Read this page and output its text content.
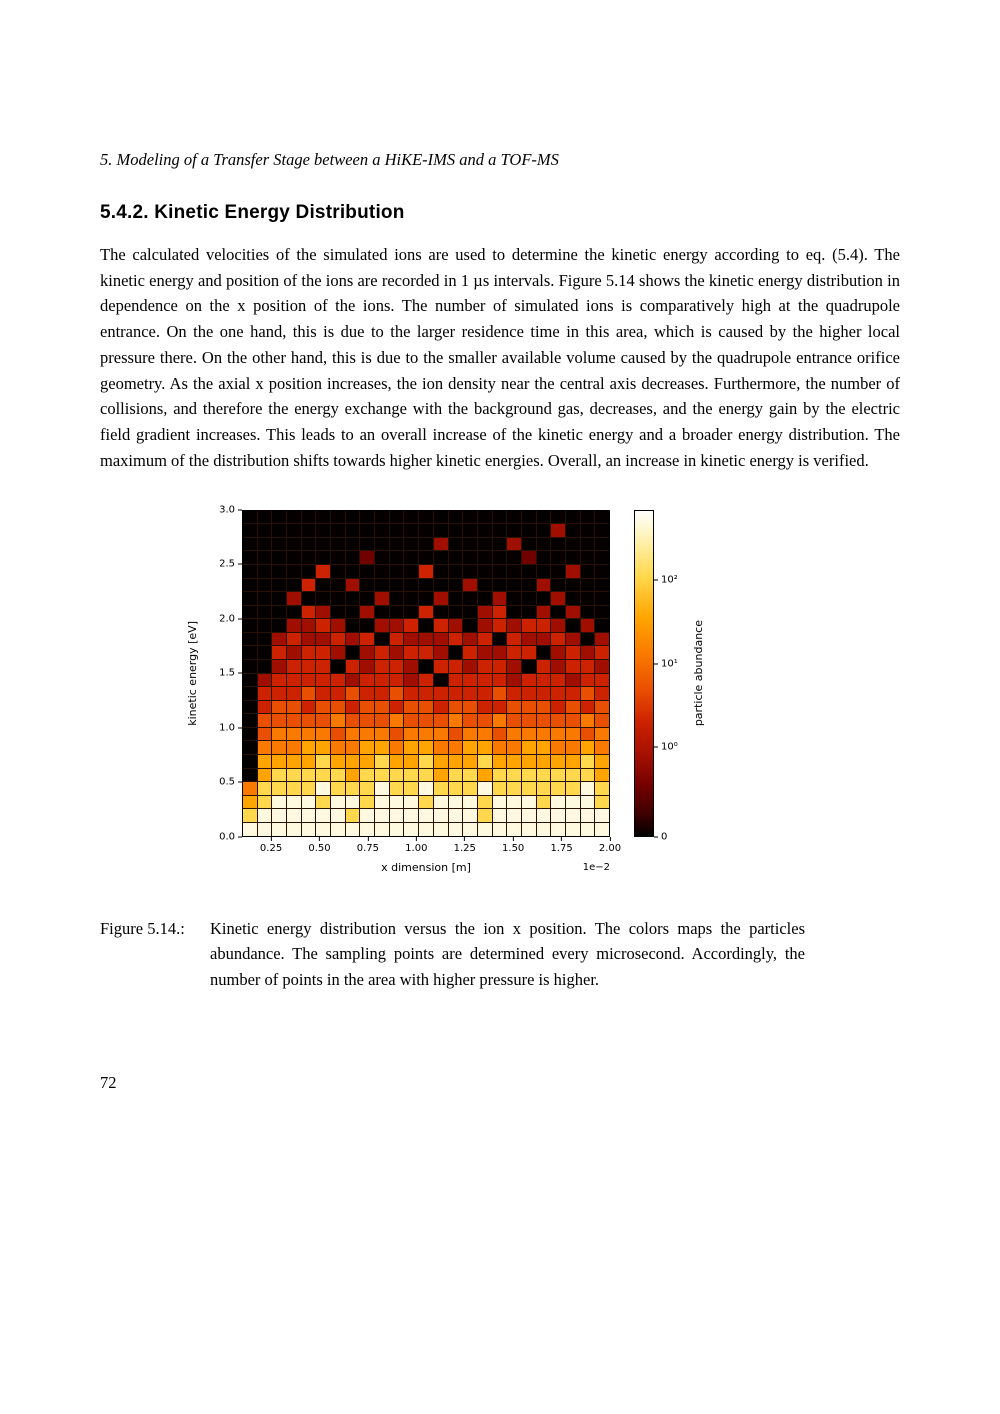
5. Modeling of a Transfer Stage between a HiKE-IMS and a TOF-MS
5.4.2. Kinetic Energy Distribution

The calculated velocities of the simulated ions are used to determine the kinetic energy according to eq. (5.4). The kinetic energy and position of the ions are recorded in 1 µs intervals. Figure 5.14 shows the kinetic energy distribution in dependence on the x position of the ions. The number of simulated ions is comparatively high at the quadrupole entrance. On the one hand, this is due to the larger residence time in this area, which is caused by the higher local pressure there. On the other hand, this is due to the smaller available volume caused by the quadrupole entrance orifice geometry. As the axial x position increases, the ion density near the central axis decreases. Furthermore, the number of collisions, and therefore the energy exchange with the background gas, decreases, and the energy gain by the electric field gradient increases. This leads to an overall increase of the kinetic energy and a broader energy distribution. The maximum of the distribution shifts towards higher kinetic energies. Overall, an increase in kinetic energy is verified.

kinetic energy [eV]
0.0
0.5
1.0
1.5
2.0
2.5
3.0
0.25	0.50	0.75	1.00	1.25	1.50	1.75	2.00
x dimension [m]	1e−2
10²
10¹
10⁰
0
particle abundance
Figure 5.14.:	Kinetic energy distribution versus the ion x position. The colors maps the particles abundance. The sampling points are determined every microsecond. Accordingly, the number of points in the area with higher pressure is higher.

72
